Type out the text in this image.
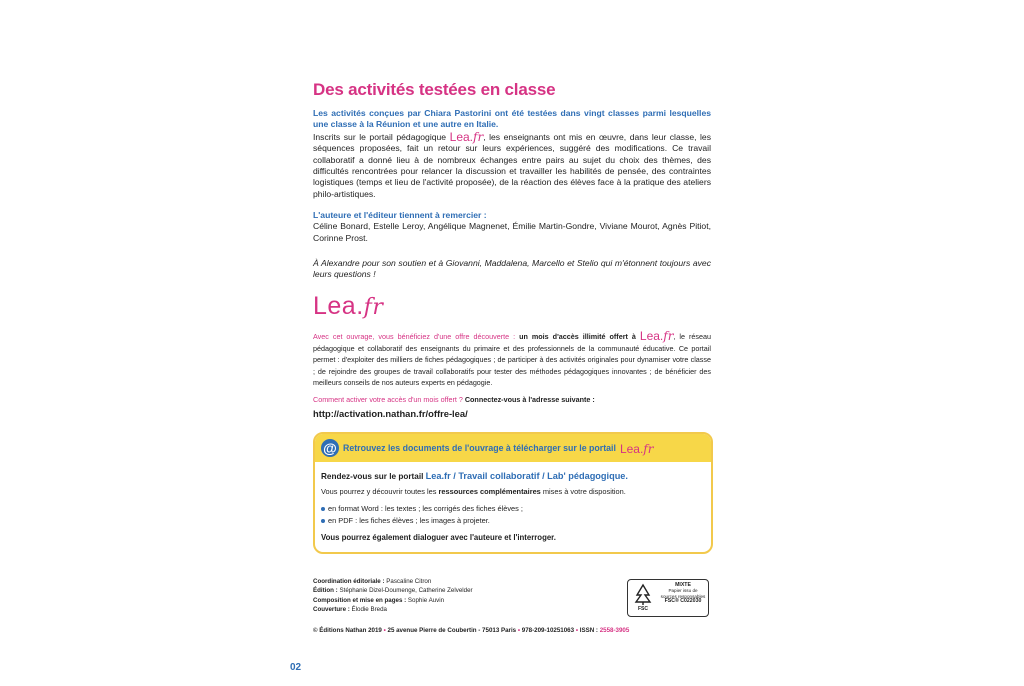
Des activités testées en classe
Les activités conçues par Chiara Pastorini ont été testées dans vingt classes parmi lesquelles une classe à la Réunion et une autre en Italie.
Inscrits sur le portail pédagogique Lea.fr, les enseignants ont mis en œuvre, dans leur classe, les séquences proposées, fait un retour sur leurs expériences, suggéré des modifications. Ce travail collaboratif a donné lieu à de nombreux échanges entre pairs au sujet du choix des thèmes, des difficultés rencontrées pour relancer la discussion et travailler les habilités de pensée, des contraintes logistiques (temps et lieu de l'activité proposée), de la réaction des élèves face à la pratique des ateliers philo-artistiques.
L'auteure et l'éditeur tiennent à remercier :
Céline Bonard, Estelle Leroy, Angélique Magnenet, Émilie Martin-Gondre, Viviane Mourot, Agnès Pitiot, Corinne Prost.
À Alexandre pour son soutien et à Giovanni, Maddalena, Marcello et Stelio qui m'étonnent toujours avec leurs questions !
Lea.fr
Avec cet ouvrage, vous bénéficiez d'une offre découverte : un mois d'accès illimité offert à Lea.fr, le réseau pédagogique et collaboratif des enseignants du primaire et des professionnels de la communauté éducative. Ce portail permet : d'exploiter des milliers de fiches pédagogiques ; de participer à des activités originales pour dynamiser votre classe ; de rejoindre des groupes de travail collaboratifs pour tester des méthodes pédagogiques innovantes ; de bénéficier des meilleurs conseils de nos auteurs experts en pédagogie.
Comment activer votre accès d'un mois offert ? Connectez-vous à l'adresse suivante :
http://activation.nathan.fr/offre-lea/
@ Retrouvez les documents de l'ouvrage à télécharger sur le portail Lea.fr
Rendez-vous sur le portail Lea.fr / Travail collaboratif / Lab' pédagogique.
Vous pourrez y découvrir toutes les ressources complémentaires mises à votre disposition.
en format Word : les textes ; les corrigés des fiches élèves ;
en PDF : les fiches élèves ; les images à projeter.
Vous pourrez également dialoguer avec l'auteure et l'interroger.
Coordination éditoriale : Pascaline Citron
Édition : Stéphanie Dizel-Doumenge, Catherine Zelvelder
Composition et mise en pages : Sophie Auvin
Couverture : Élodie Breda	FSC
MIXTE
Papier issu de sources responsables
FSC® C022030
© Éditions Nathan 2019 • 25 avenue Pierre de Coubertin - 75013 Paris • 978-209-10251063 • ISSN : 2558-3905
02
